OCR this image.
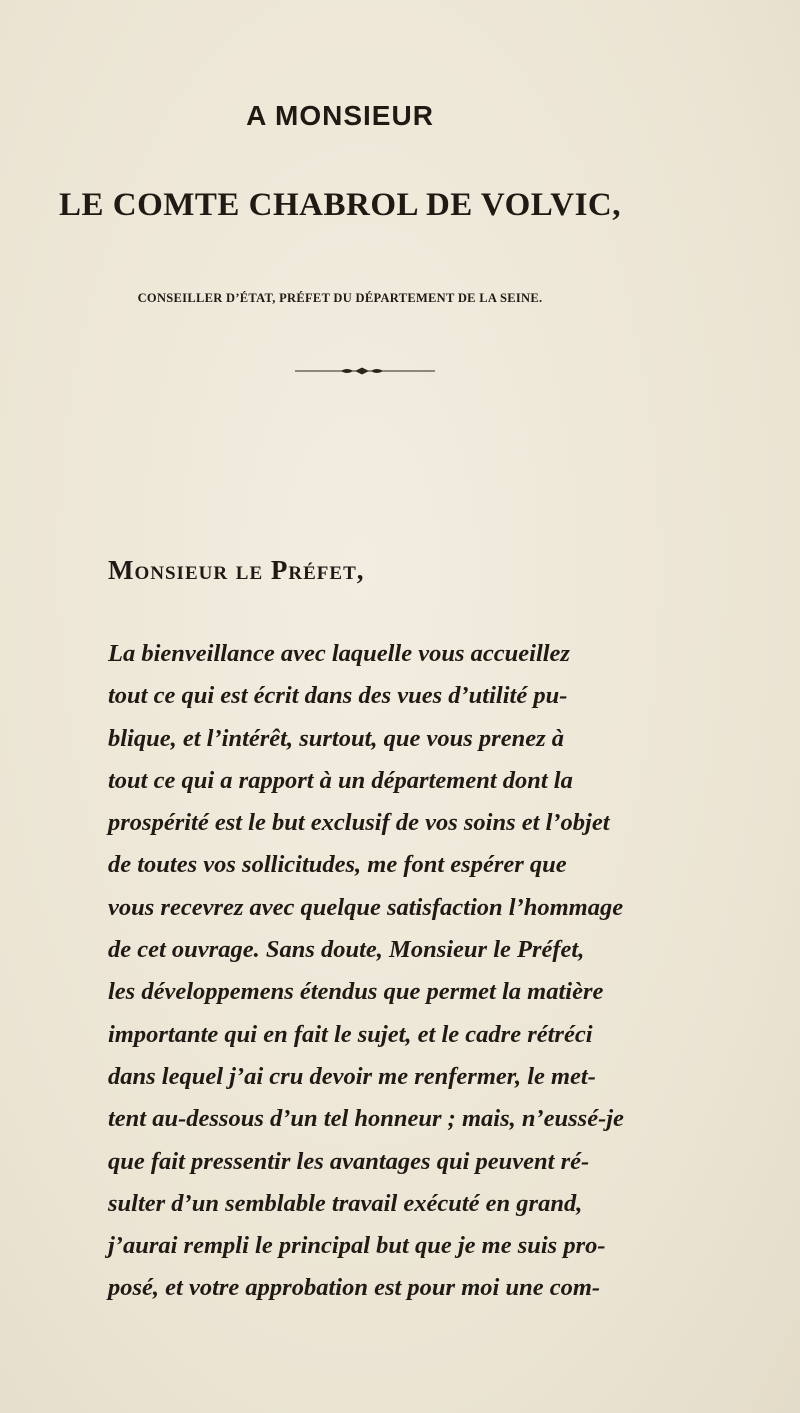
A MONSIEUR
LE COMTE CHABROL DE VOLVIC,
CONSEILLER D’ÉTAT, PRÉFET DU DÉPARTEMENT DE LA SEINE.
Monsieur le Préfet,
La bienveillance avec laquelle vous accueillez
tout ce qui est écrit dans des vues d’utilité pu-
blique, et l’intérêt, surtout, que vous prenez à
tout ce qui a rapport à un département dont la
prospérité est le but exclusif de vos soins et l’objet
de toutes vos sollicitudes, me font espérer que
vous recevrez avec quelque satisfaction l’hommage
de cet ouvrage. Sans doute, Monsieur le Préfet,
les développemens étendus que permet la matière
importante qui en fait le sujet, et le cadre rétréci
dans lequel j’ai cru devoir me renfermer, le met-
tent au-dessous d’un tel honneur ; mais, n’eussé-je
que fait pressentir les avantages qui peuvent ré-
sulter d’un semblable travail exécuté en grand,
j’aurai rempli le principal but que je me suis pro-
posé, et votre approbation est pour moi une com-
